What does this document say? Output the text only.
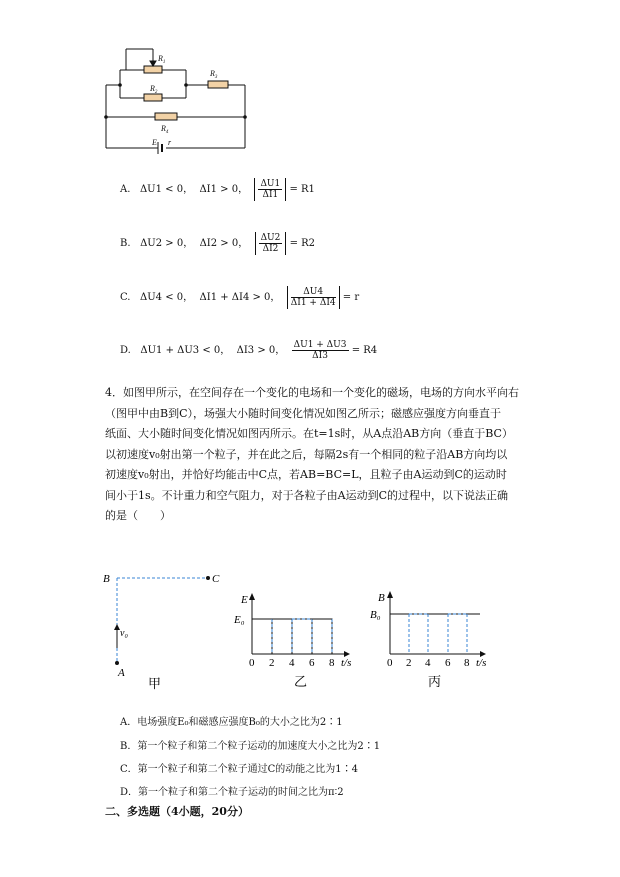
$R_1$
$R_2$
$R_3$
$R_4$
E r
A. ΔU1 < 0， ΔI1 > 0， $\frac{\Delta U1}{\Delta I1} = R1$
B. ΔU2 > 0， ΔI2 > 0， $\frac{\Delta U2}{\Delta I2} = R2$
C. ΔU4 < 0， ΔI1 + ΔI4 > 0， $\frac{\Delta U4}{\Delta I1 + \Delta I4} = r$
D. ΔU1 + ΔU3 < 0， ΔI3 > 0， $\frac{\Delta U1 + \Delta U3}{\Delta I3} = R4$

4．如图甲所示，在空间存在一个变化的电场和一个变化的磁场，电场的方向水平向右

（图甲中由B到C），场强大小随时间变化情况如图乙所示；磁感应强度方向垂直于

纸面、大小随时间变化情况如图丙所示。在t=1s时，从A点沿AB方向（垂直于BC）

以初速度v₀射出第一个粒子，并在此之后，每隔2s有一个相同的粒子沿AB方向均以

初速度v₀射出，并恰好均能击中C点，若AB=BC=L，且粒子由A运动到C的运动时

间小于1s。不计重力和空气阻力，对于各粒子由A运动到C的过程中，以下说法正确

的是（　　）

B	C
A
v₀
甲
E
E₀
0 2 4 6 8 t/s
乙
B
B₀
0 2 4 6 8 t/s
丙
A．电场强度E₀和磁感应强度B₀的大小之比为2∶1
B．第一个粒子和第二个粒子运动的加速度大小之比为2∶1
C．第一个粒子和第二个粒子通过C的动能之比为1∶4
D．第一个粒子和第二个粒子运动的时间之比为π∶2
二、多选题（4小题，20分）
